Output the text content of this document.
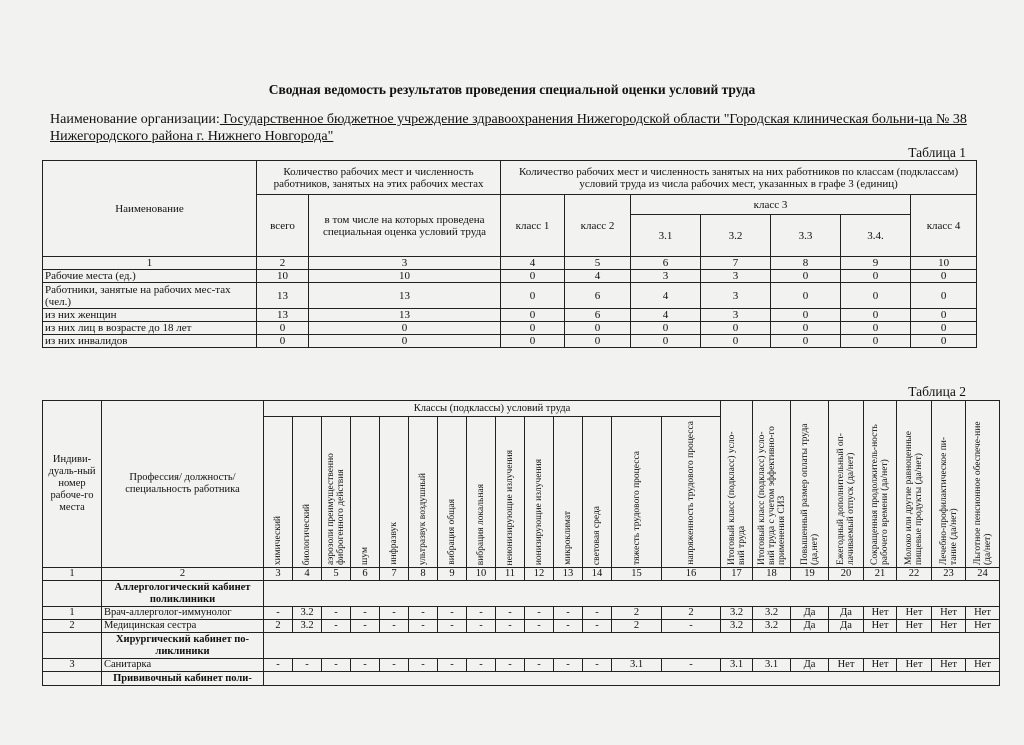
Сводная ведомость результатов проведения специальной оценки условий труда
Наименование организации: Государственное бюджетное учреждение здравоохранения Нижегородской области "Городская клиническая больни-ца № 38 Нижегородского района г. Нижнего Новгорода"
Таблица 1
Наименование	Количество рабочих мест и численность работников, занятых на этих рабочих местах		Количество рабочих мест и численность занятых на них работников по классам (подклассам) условий труда из числа рабочих мест, указанных в графе 3 (единиц)						
	всего	в том числе на которых проведена специальная оценка условий труда	класс 1	класс 2	класс 3				класс 4
					3.1	3.2	3.3	3.4.	
1	2	3	4	5	6	7	8	9	10
Рабочие места (ед.)	10	10	0	4	3	3	0	0	0
Работники, занятые на рабочих мес-тах (чел.)	13	13	0	6	4	3	0	0	0
из них женщин	13	13	0	6	4	3	0	0	0
из них лиц в возрасте до 18 лет	0	0	0	0	0	0	0	0	0
из них инвалидов	0	0	0	0	0	0	0	0	0
Таблица 2
Индиви-дуаль-ный номер рабоче-го места	Профессия/ должность/ специальность работника	Классы (подклассы) условий труда														Итоговый класс (подкласс) усло-вий труда	Итоговый класс (подкласс) усло-вий труда с учетом эффективно-го применения СИЗ	Повышенный размер оплаты труда (да,нет)	Ежегодный дополнительный оп-лачиваемый отпуск (да/нет)	Сокращенная продолжитель-ность рабочего времени (да/нет)	Молоко или другие равноценные пищевые продукты (да/нет)	Лечебно-профилактическое пи-тание (да/нет)	Льготное пенсионное обеспече-ние (да/нет)

		химический	биологический	аэрозоли преимущественно фиброгенного действия	шум	инфразвук	ультразвук воздушный	вибрация общая	вибрация локальная	неионизирующие излучения	ионизирующие излучения	микроклимат	световая среда	тяжесть трудового процесса	напряженность трудового процесса								

1	2	3	4	5	6	7	8	9	10	11	12	13	14	15	16	17	18	19	20	21	22	23	24
	Аллергологический кабинет поликлиники																						
1	Врач-аллерголог-иммунолог	-	3.2	-	-	-	-	-	-	-	-	-	-	2	2	3.2	3.2	Да	Да	Нет	Нет	Нет	Нет
2	Медицинская сестра	2	3.2	-	-	-	-	-	-	-	-	-	-	2	-	3.2	3.2	Да	Да	Нет	Нет	Нет	Нет
	Хирургический кабинет по-ликлиники																						
3	Санитарка	-	-	-	-	-	-	-	-	-	-	-	-	3.1	-	3.1	3.1	Да	Нет	Нет	Нет	Нет	Нет
	Прививочный кабинет поли-																						
